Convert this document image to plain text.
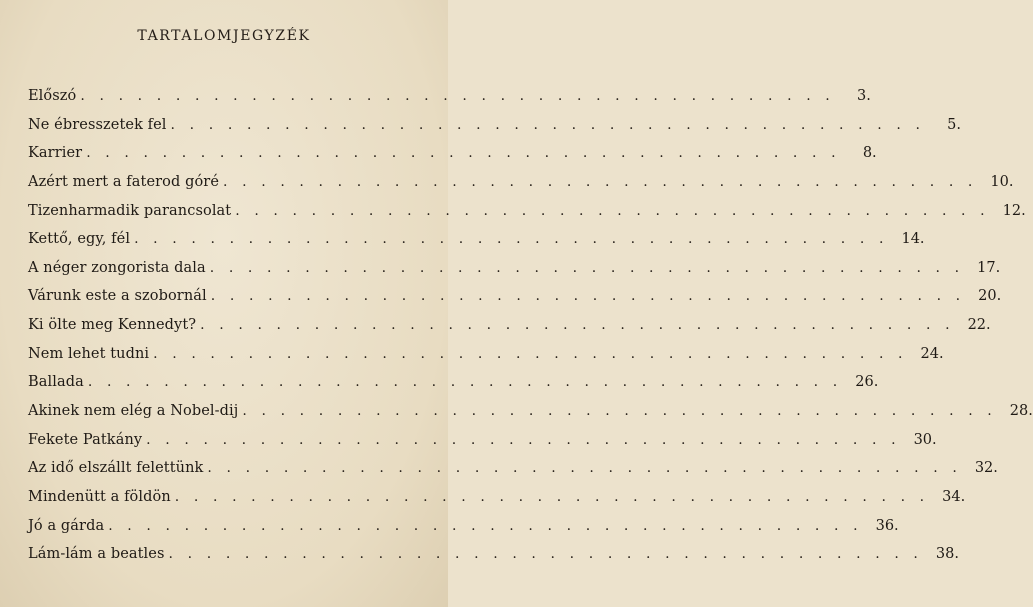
TARTALOMJEGYZÉK
Előszó . . . . . . . . . . . . . . . . . . . . . . . . . . . . . . . . . . . . . . . .	3.
Ne ébresszetek fel . . . . . . . . . . . . . . . . . . . . . . . . . . . . . . . . . . . . . . . .	5.
Karrier . . . . . . . . . . . . . . . . . . . . . . . . . . . . . . . . . . . . . . . .	8.
Azért mert a faterod góré . . . . . . . . . . . . . . . . . . . . . . . . . . . . . . . . . . . . . . . . 10.
Tizenharmadik parancsolat . . . . . . . . . . . . . . . . . . . . . . . . . . . . . . . . . . . . . . . . 12.
Kettő, egy, fél . . . . . . . . . . . . . . . . . . . . . . . . . . . . . . . . . . . . . . . . 14.
A néger zongorista dala . . . . . . . . . . . . . . . . . . . . . . . . . . . . . . . . . . . . . . . . 17.
Várunk este a szobornál . . . . . . . . . . . . . . . . . . . . . . . . . . . . . . . . . . . . . . . . 20.
Ki ölte meg Kennedyt? . . . . . . . . . . . . . . . . . . . . . . . . . . . . . . . . . . . . . . . . 22.
Nem lehet tudni . . . . . . . . . . . . . . . . . . . . . . . . . . . . . . . . . . . . . . . . 24.
Ballada . . . . . . . . . . . . . . . . . . . . . . . . . . . . . . . . . . . . . . . . 26.
Akinek nem elég a Nobel-dij . . . . . . . . . . . . . . . . . . . . . . . . . . . . . . . . . . . . . . . . 28.
Fekete Patkány . . . . . . . . . . . . . . . . . . . . . . . . . . . . . . . . . . . . . . . . 30.
Az idő elszállt felettünk . . . . . . . . . . . . . . . . . . . . . . . . . . . . . . . . . . . . . . . . 32.
Mindenütt a földön . . . . . . . . . . . . . . . . . . . . . . . . . . . . . . . . . . . . . . . . 34.
Jó a gárda . . . . . . . . . . . . . . . . . . . . . . . . . . . . . . . . . . . . . . . . 36.
Lám-lám a beatles . . . . . . . . . . . . . . . . . . . . . . . . . . . . . . . . . . . . . . . . 38.
